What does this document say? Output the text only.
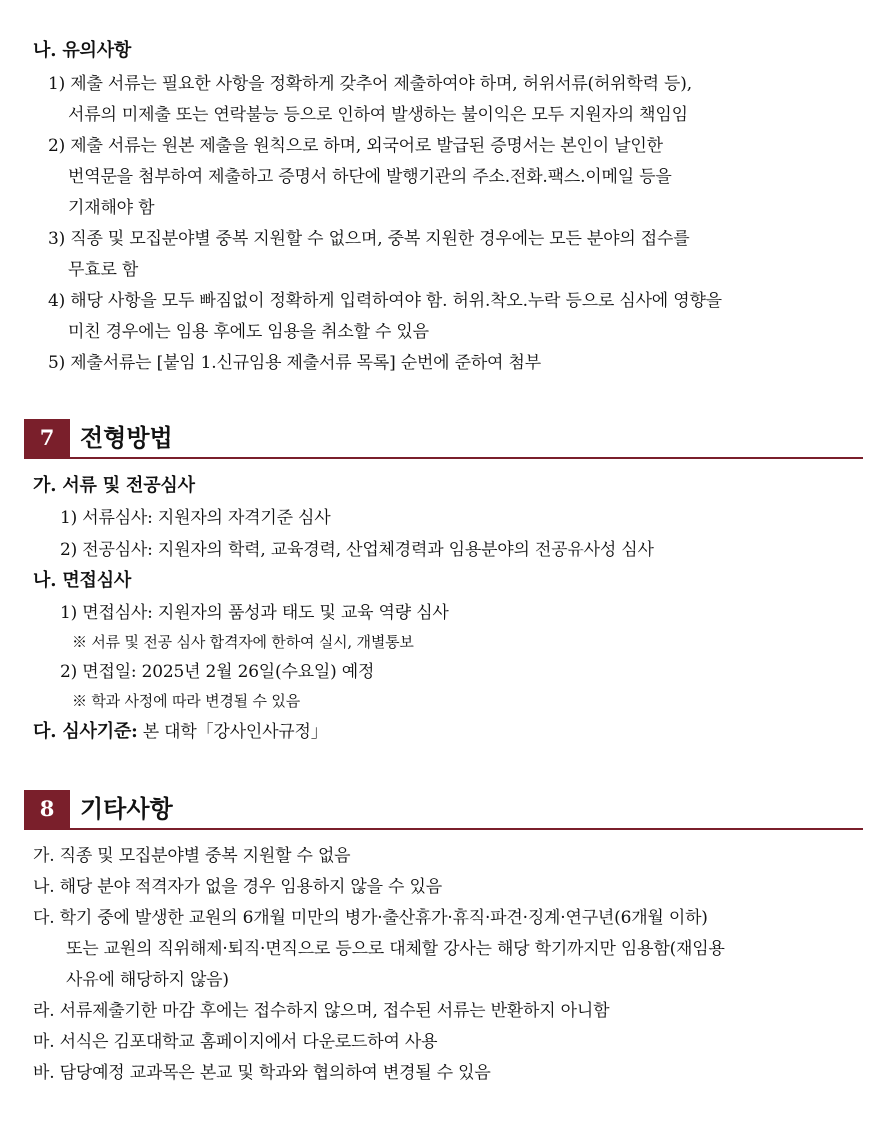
나. 유의사항
1) 제출 서류는 필요한 사항을 정확하게 갖추어 제출하여야 하며, 허위서류(허위학력 등),
서류의 미제출 또는 연락불능 등으로 인하여 발생하는 불이익은 모두 지원자의 책임임
2) 제출 서류는 원본 제출을 원칙으로 하며, 외국어로 발급된 증명서는 본인이 날인한
번역문을 첨부하여 제출하고 증명서 하단에 발행기관의 주소.전화.팩스.이메일 등을
기재해야 함
3) 직종 및 모집분야별 중복 지원할 수 없으며, 중복 지원한 경우에는 모든 분야의 접수를
무효로 함
4) 해당 사항을 모두 빠짐없이 정확하게 입력하여야 함. 허위.착오.누락 등으로 심사에 영향을
미친 경우에는 임용 후에도 임용을 취소할 수 있음
5) 제출서류는 [붙임 1.신규임용 제출서류 목록] 순번에 준하여 첨부
7	전형방법
가. 서류 및 전공심사
1) 서류심사: 지원자의 자격기준 심사
2) 전공심사: 지원자의 학력, 교육경력, 산업체경력과 임용분야의 전공유사성 심사
나. 면접심사
1) 면접심사: 지원자의 품성과 태도 및 교육 역량 심사
※ 서류 및 전공 심사 합격자에 한하여 실시, 개별통보
2) 면접일: 2025년 2월 26일(수요일) 예정
※ 학과 사정에 따라 변경될 수 있음
다. 심사기준: 본 대학「강사인사규정」
8	기타사항
가. 직종 및 모집분야별 중복 지원할 수 없음
나. 해당 분야 적격자가 없을 경우 임용하지 않을 수 있음
다. 학기 중에 발생한 교원의 6개월 미만의 병가·출산휴가·휴직·파견·징계·연구년(6개월 이하)
또는 교원의 직위해제·퇴직·면직으로 등으로 대체할 강사는 해당 학기까지만 임용함(재임용
사유에 해당하지 않음)
라. 서류제출기한 마감 후에는 접수하지 않으며, 접수된 서류는 반환하지 아니함
마. 서식은 김포대학교 홈페이지에서 다운로드하여 사용
바. 담당예정 교과목은 본교 및 학과와 협의하여 변경될 수 있음
